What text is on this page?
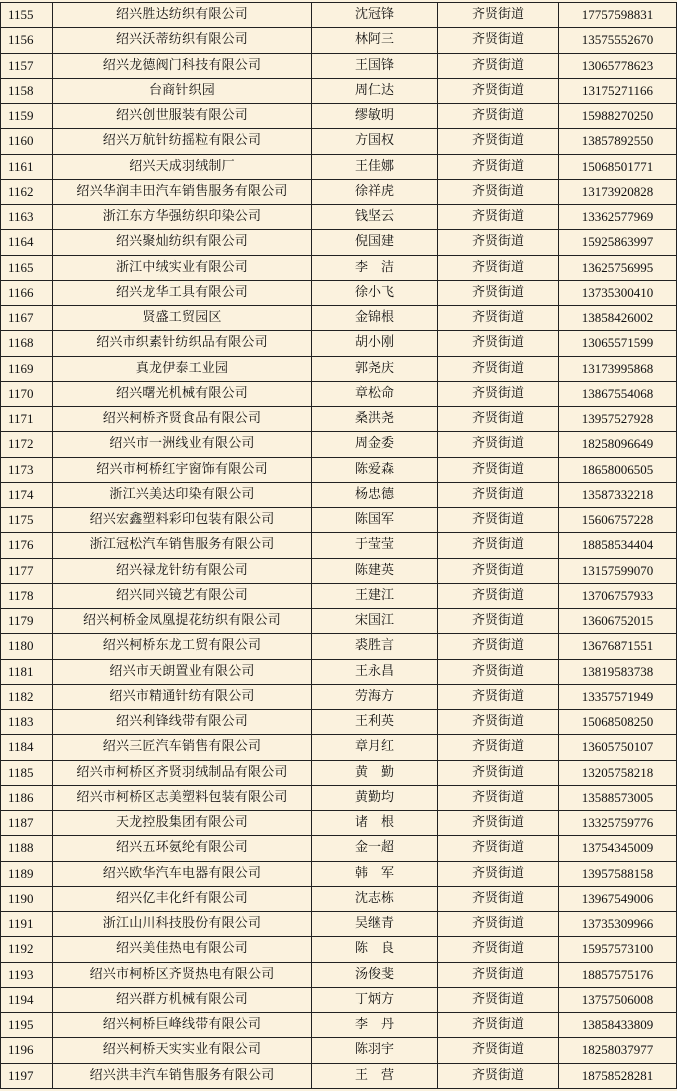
1155	绍兴胜达纺织有限公司	沈冠锋	齐贤街道	17757598831
1156	绍兴沃蒂纺织有限公司	林阿三	齐贤街道	13575552670
1157	绍兴龙德阀门科技有限公司	王国锋	齐贤街道	13065778623
1158	台商针织园	周仁达	齐贤街道	13175271166
1159	绍兴创世服装有限公司	缪敏明	齐贤街道	15988270250
1160	绍兴万航针纺摇粒有限公司	方国权	齐贤街道	13857892550
1161	绍兴天成羽绒制厂	王佳娜	齐贤街道	15068501771
1162	绍兴华润丰田汽车销售服务有限公司	徐祥虎	齐贤街道	13173920828
1163	浙江东方华强纺织印染公司	钱坚云	齐贤街道	13362577969
1164	绍兴聚灿纺织有限公司	倪国建	齐贤街道	15925863997
1165	浙江中绒实业有限公司	李　洁	齐贤街道	13625756995
1166	绍兴龙华工具有限公司	徐小飞	齐贤街道	13735300410
1167	贤盛工贸园区	金锦根	齐贤街道	13858426002
1168	绍兴市织素针纺织品有限公司	胡小刚	齐贤街道	13065571599
1169	真龙伊泰工业园	郭尧庆	齐贤街道	13173995868
1170	绍兴曙光机械有限公司	章松命	齐贤街道	13867554068
1171	绍兴柯桥齐贤食品有限公司	桑洪尧	齐贤街道	13957527928
1172	绍兴市一洲线业有限公司	周金委	齐贤街道	18258096649
1173	绍兴市柯桥红宇窗饰有限公司	陈爱森	齐贤街道	18658006505
1174	浙江兴美达印染有限公司	杨忠德	齐贤街道	13587332218
1175	绍兴宏鑫塑料彩印包装有限公司	陈国军	齐贤街道	15606757228
1176	浙江冠松汽车销售服务有限公司	于莹莹	齐贤街道	18858534404
1177	绍兴禄龙针纺有限公司	陈建英	齐贤街道	13157599070
1178	绍兴同兴镜艺有限公司	王建江	齐贤街道	13706757933
1179	绍兴柯桥金凤凰提花纺织有限公司	宋国江	齐贤街道	13606752015
1180	绍兴柯桥东龙工贸有限公司	裘胜言	齐贤街道	13676871551
1181	绍兴市天朗置业有限公司	王永昌	齐贤街道	13819583738
1182	绍兴市精通针纺有限公司	劳海方	齐贤街道	13357571949
1183	绍兴利锋线带有限公司	王利英	齐贤街道	15068508250
1184	绍兴三匠汽车销售有限公司	章月红	齐贤街道	13605750107
1185	绍兴市柯桥区齐贤羽绒制品有限公司	黄　勤	齐贤街道	13205758218
1186	绍兴市柯桥区志美塑料包装有限公司	黄勤均	齐贤街道	13588573005
1187	天龙控股集团有限公司	诸　根	齐贤街道	13325759776
1188	绍兴五环氨纶有限公司	金一超	齐贤街道	13754345009
1189	绍兴欧华汽车电器有限公司	韩　军	齐贤街道	13957588158
1190	绍兴亿丰化纤有限公司	沈志栋	齐贤街道	13967549006
1191	浙江山川科技股份有限公司	吴继青	齐贤街道	13735309966
1192	绍兴美佳热电有限公司	陈　良	齐贤街道	15957573100
1193	绍兴市柯桥区齐贤热电有限公司	汤俊斐	齐贤街道	18857575176
1194	绍兴群方机械有限公司	丁炳方	齐贤街道	13757506008
1195	绍兴柯桥巨峰线带有限公司	李　丹	齐贤街道	13858433809
1196	绍兴柯桥天实实业有限公司	陈羽宇	齐贤街道	18258037977
1197	绍兴洪丰汽车销售服务有限公司	王　营	齐贤街道	18758528281
